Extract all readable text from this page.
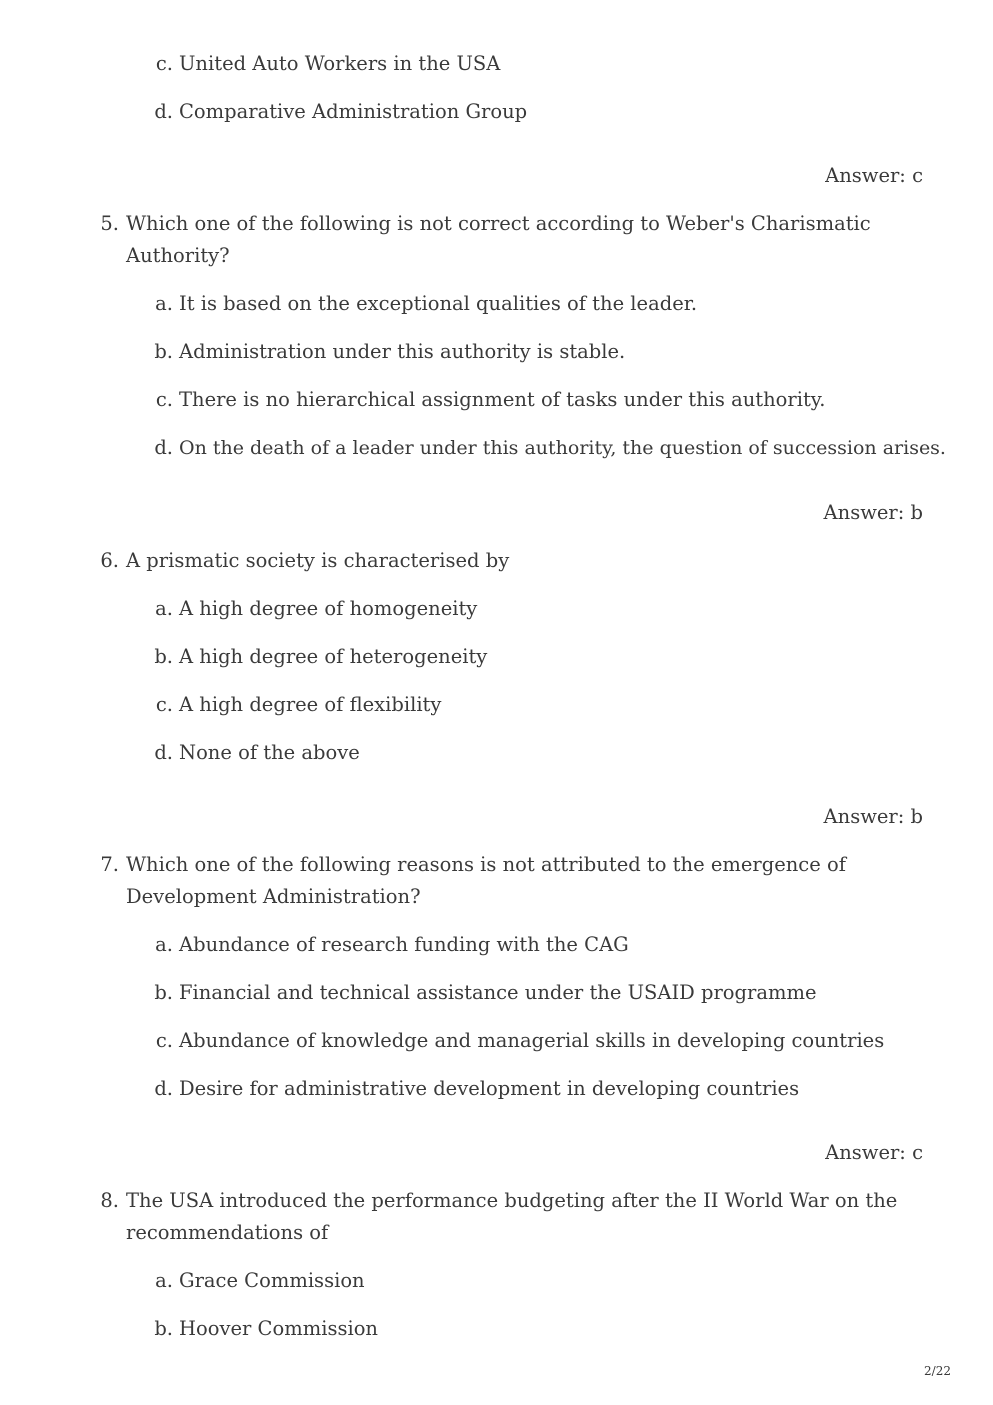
c. United Auto Workers in the USA
d. Comparative Administration Group
Answer: c
5. Which one of the following is not correct according to Weber's Charismatic
Authority?
a. It is based on the exceptional qualities of the leader.
b. Administration under this authority is stable.
c. There is no hierarchical assignment of tasks under this authority.
d. On the death of a leader under this authority, the question of succession arises.
Answer: b
6. A prismatic society is characterised by
a. A high degree of homogeneity
b. A high degree of heterogeneity
c. A high degree of flexibility
d. None of the above
Answer: b
7. Which one of the following reasons is not attributed to the emergence of
Development Administration?
a. Abundance of research funding with the CAG
b. Financial and technical assistance under the USAID programme
c. Abundance of knowledge and managerial skills in developing countries
d. Desire for administrative development in developing countries
Answer: c
8. The USA introduced the performance budgeting after the II World War on the
recommendations of
a. Grace Commission
b. Hoover Commission
2/22
